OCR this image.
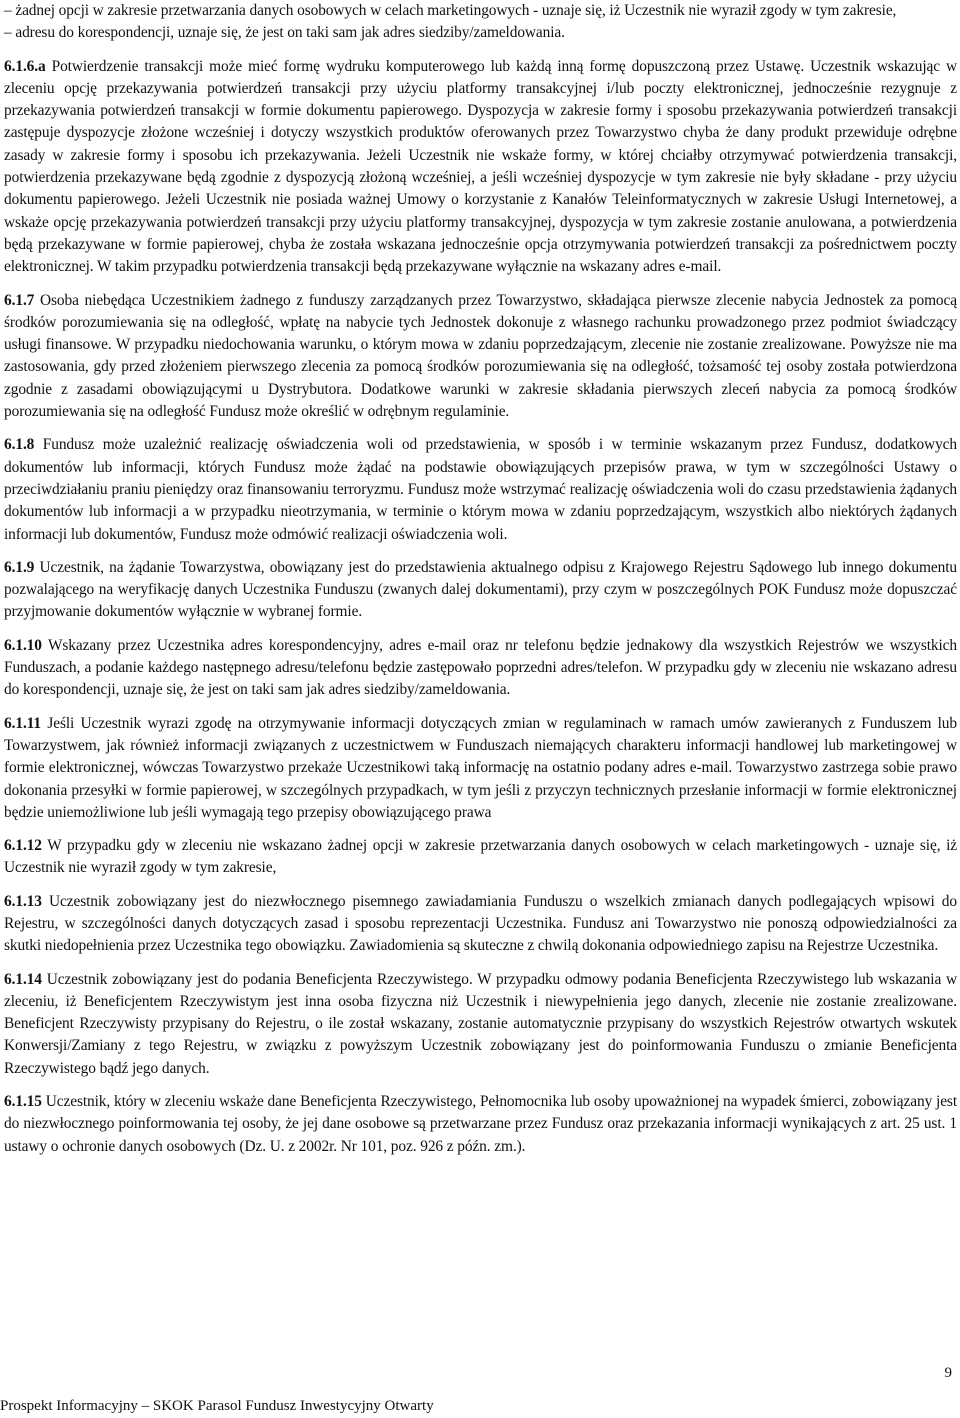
– żadnej opcji w zakresie przetwarzania danych osobowych w celach marketingowych - uznaje się, iż Uczestnik nie wyraził zgody w tym zakresie,

– adresu do korespondencji, uznaje się, że jest on taki sam jak adres siedziby/zameldowania.

6.1.6.a Potwierdzenie transakcji może mieć formę wydruku komputerowego lub każdą inną formę dopuszczoną przez Ustawę. Uczestnik wskazując w zleceniu opcję przekazywania potwierdzeń transakcji przy użyciu platformy transakcyjnej i/lub poczty elektronicznej, jednocześnie rezygnuje z przekazywania potwierdzeń transakcji w formie dokumentu papierowego. Dyspozycja w zakresie formy i sposobu przekazywania potwierdzeń transakcji zastępuje dyspozycje złożone wcześniej i dotyczy wszystkich produktów oferowanych przez Towarzystwo chyba że dany produkt przewiduje odrębne zasady w zakresie formy i sposobu ich przekazywania. Jeżeli Uczestnik nie wskaże formy, w której chciałby otrzymywać potwierdzenia transakcji, potwierdzenia przekazywane będą zgodnie z dyspozycją złożoną wcześniej, a jeśli wcześniej dyspozycje w tym zakresie nie były składane - przy użyciu dokumentu papierowego. Jeżeli Uczestnik nie posiada ważnej Umowy o korzystanie z Kanałów Teleinformatycznych w zakresie Usługi Internetowej, a wskaże opcję przekazywania potwierdzeń transakcji przy użyciu platformy transakcyjnej, dyspozycja w tym zakresie zostanie anulowana, a potwierdzenia będą przekazywane w formie papierowej, chyba że została wskazana jednocześnie opcja otrzymywania potwierdzeń transakcji za pośrednictwem poczty elektronicznej. W takim przypadku potwierdzenia transakcji będą przekazywane wyłącznie na wskazany adres e-mail.

6.1.7 Osoba niebędąca Uczestnikiem żadnego z funduszy zarządzanych przez Towarzystwo, składająca pierwsze zlecenie nabycia Jednostek za pomocą środków porozumiewania się na odległość, wpłatę na nabycie tych Jednostek dokonuje z własnego rachunku prowadzonego przez podmiot świadczący usługi finansowe. W przypadku niedochowania warunku, o którym mowa w zdaniu poprzedzającym, zlecenie nie zostanie zrealizowane. Powyższe nie ma zastosowania, gdy przed złożeniem pierwszego zlecenia za pomocą środków porozumiewania się na odległość, tożsamość tej osoby została potwierdzona zgodnie z zasadami obowiązującymi u Dystrybutora. Dodatkowe warunki w zakresie składania pierwszych zleceń nabycia za pomocą środków porozumiewania się na odległość Fundusz może określić w odrębnym regulaminie.

6.1.8 Fundusz może uzależnić realizację oświadczenia woli od przedstawienia, w sposób i w terminie wskazanym przez Fundusz, dodatkowych dokumentów lub informacji, których Fundusz może żądać na podstawie obowiązujących przepisów prawa, w tym w szczególności Ustawy o przeciwdziałaniu praniu pieniędzy oraz finansowaniu terroryzmu. Fundusz może wstrzymać realizację oświadczenia woli do czasu przedstawienia żądanych dokumentów lub informacji a w przypadku nieotrzymania, w terminie o którym mowa w zdaniu poprzedzającym, wszystkich albo niektórych żądanych informacji lub dokumentów, Fundusz może odmówić realizacji oświadczenia woli.

6.1.9 Uczestnik, na żądanie Towarzystwa, obowiązany jest do przedstawienia aktualnego odpisu z Krajowego Rejestru Sądowego lub innego dokumentu pozwalającego na weryfikację danych Uczestnika Funduszu (zwanych dalej dokumentami), przy czym w poszczególnych POK Fundusz może dopuszczać przyjmowanie dokumentów wyłącznie w wybranej formie.

6.1.10 Wskazany przez Uczestnika adres korespondencyjny, adres e-mail oraz nr telefonu będzie jednakowy dla wszystkich Rejestrów we wszystkich Funduszach, a podanie każdego następnego adresu/telefonu będzie zastępowało poprzedni adres/telefon. W przypadku gdy w zleceniu nie wskazano adresu do korespondencji, uznaje się, że jest on taki sam jak adres siedziby/zameldowania.

6.1.11 Jeśli Uczestnik wyrazi zgodę na otrzymywanie informacji dotyczących zmian w regulaminach w ramach umów zawieranych z Funduszem lub Towarzystwem, jak również informacji związanych z uczestnictwem w Funduszach niemających charakteru informacji handlowej lub marketingowej w formie elektronicznej, wówczas Towarzystwo przekaże Uczestnikowi taką informację na ostatnio podany adres e-mail. Towarzystwo zastrzega sobie prawo dokonania przesyłki w formie papierowej, w szczególnych przypadkach, w tym jeśli z przyczyn technicznych przesłanie informacji w formie elektronicznej będzie uniemożliwione lub jeśli wymagają tego przepisy obowiązującego prawa

6.1.12 W przypadku gdy w zleceniu nie wskazano żadnej opcji w zakresie przetwarzania danych osobowych w celach marketingowych - uznaje się, iż Uczestnik nie wyraził zgody w tym zakresie,

6.1.13 Uczestnik zobowiązany jest do niezwłocznego pisemnego zawiadamiania Funduszu o wszelkich zmianach danych podlegających wpisowi do Rejestru, w szczególności danych dotyczących zasad i sposobu reprezentacji Uczestnika. Fundusz ani Towarzystwo nie ponoszą odpowiedzialności za skutki niedopełnienia przez Uczestnika tego obowiązku. Zawiadomienia są skuteczne z chwilą dokonania odpowiedniego zapisu na Rejestrze Uczestnika.

6.1.14 Uczestnik zobowiązany jest do podania Beneficjenta Rzeczywistego. W przypadku odmowy podania Beneficjenta Rzeczywistego lub wskazania w zleceniu, iż Beneficjentem Rzeczywistym jest inna osoba fizyczna niż Uczestnik i niewypełnienia jego danych, zlecenie nie zostanie zrealizowane. Beneficjent Rzeczywisty przypisany do Rejestru, o ile został wskazany, zostanie automatycznie przypisany do wszystkich Rejestrów otwartych wskutek Konwersji/Zamiany z tego Rejestru, w związku z powyższym Uczestnik zobowiązany jest do poinformowania Funduszu o zmianie Beneficjenta Rzeczywistego bądź jego danych.

6.1.15 Uczestnik, który w zleceniu wskaże dane Beneficjenta Rzeczywistego, Pełnomocnika lub osoby upoważnionej na wypadek śmierci, zobowiązany jest do niezwłocznego poinformowania tej osoby, że jej dane osobowe są przetwarzane przez Fundusz oraz przekazania informacji wynikających z art. 25 ust. 1 ustawy o ochronie danych osobowych (Dz. U. z 2002r. Nr 101, poz. 926 z późn. zm.).

9
Prospekt Informacyjny – SKOK Parasol Fundusz Inwestycyjny Otwarty
